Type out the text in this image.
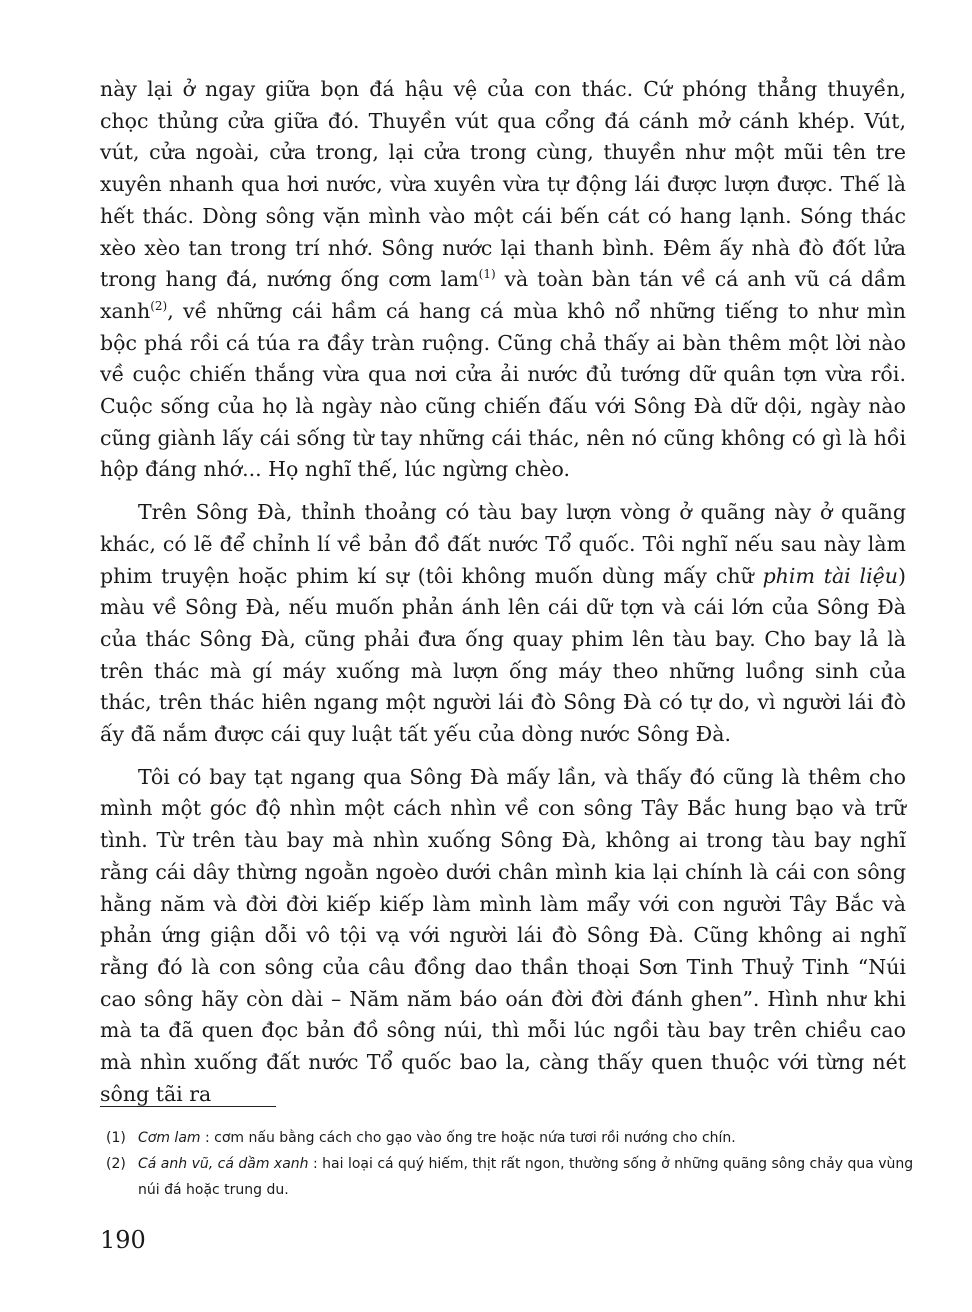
này lại ở ngay giữa bọn đá hậu vệ của con thác. Cứ phóng thẳng thuyền, chọc thủng cửa giữa đó. Thuyền vút qua cổng đá cánh mở cánh khép. Vút, vút, cửa ngoài, cửa trong, lại cửa trong cùng, thuyền như một mũi tên tre xuyên nhanh qua hơi nước, vừa xuyên vừa tự động lái được lượn được. Thế là hết thác. Dòng sông vặn mình vào một cái bến cát có hang lạnh. Sóng thác xèo xèo tan trong trí nhớ. Sông nước lại thanh bình. Đêm ấy nhà đò đốt lửa trong hang đá, nướng ống cơm lam$^{(1)}$ và toàn bàn tán về cá anh vũ cá dầm xanh$^{(2)}$, về những cái hầm cá hang cá mùa khô nổ những tiếng to như mìn bộc phá rồi cá túa ra đầy tràn ruộng. Cũng chả thấy ai bàn thêm một lời nào về cuộc chiến thắng vừa qua nơi cửa ải nước đủ tướng dữ quân tợn vừa rồi. Cuộc sống của họ là ngày nào cũng chiến đấu với Sông Đà dữ dội, ngày nào cũng giành lấy cái sống từ tay những cái thác, nên nó cũng không có gì là hồi hộp đáng nhớ... Họ nghĩ thế, lúc ngừng chèo.

Trên Sông Đà, thỉnh thoảng có tàu bay lượn vòng ở quãng này ở quãng khác, có lẽ để chỉnh lí về bản đồ đất nước Tổ quốc. Tôi nghĩ nếu sau này làm phim truyện hoặc phim kí sự (tôi không muốn dùng mấy chữ phim tài liệu) màu về Sông Đà, nếu muốn phản ánh lên cái dữ tợn và cái lớn của Sông Đà của thác Sông Đà, cũng phải đưa ống quay phim lên tàu bay. Cho bay lả là trên thác mà gí máy xuống mà lượn ống máy theo những luồng sinh của thác, trên thác hiên ngang một người lái đò Sông Đà có tự do, vì người lái đò ấy đã nắm được cái quy luật tất yếu của dòng nước Sông Đà.

Tôi có bay tạt ngang qua Sông Đà mấy lần, và thấy đó cũng là thêm cho mình một góc độ nhìn một cách nhìn về con sông Tây Bắc hung bạo và trữ tình. Từ trên tàu bay mà nhìn xuống Sông Đà, không ai trong tàu bay nghĩ rằng cái dây thừng ngoằn ngoèo dưới chân mình kia lại chính là cái con sông hằng năm và đời đời kiếp kiếp làm mình làm mẩy với con người Tây Bắc và phản ứng giận dỗi vô tội vạ với người lái đò Sông Đà. Cũng không ai nghĩ rằng đó là con sông của câu đồng dao thần thoại Sơn Tinh Thuỷ Tinh “Núi cao sông hãy còn dài – Năm năm báo oán đời đời đánh ghen”. Hình như khi mà ta đã quen đọc bản đồ sông núi, thì mỗi lúc ngồi tàu bay trên chiều cao mà nhìn xuống đất nước Tổ quốc bao la, càng thấy quen thuộc với từng nét sông tãi ra

(1) Cơm lam : cơm nấu bằng cách cho gạo vào ống tre hoặc nứa tươi rồi nướng cho chín.
(2) Cá anh vũ, cá dầm xanh : hai loại cá quý hiếm, thịt rất ngon, thường sống ở những quãng sông chảy qua vùng núi đá hoặc trung du.
190
